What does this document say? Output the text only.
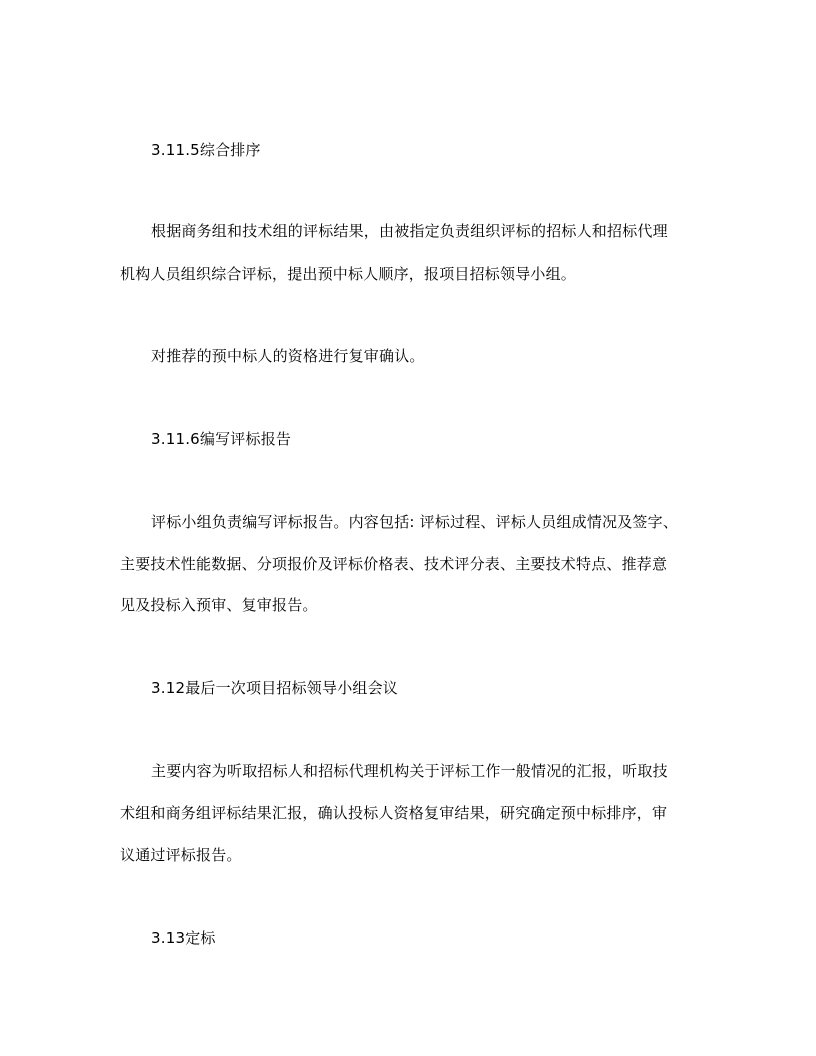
3.11.5综合排序
根据商务组和技术组的评标结果，由被指定负责组织评标的招标人和招标代理
机构人员组织综合评标，提出预中标人顺序，报项目招标领导小组。
对推荐的预中标人的资格进行复审确认。
3.11.6编写评标报告
评标小组负责编写评标报告。内容包括: 评标过程、评标人员组成情况及签字、
主要技术性能数据、分项报价及评标价格表、技术评分表、主要技术特点、推荐意
见及投标入预审、复审报告。
3.12最后一次项目招标领导小组会议
主要内容为听取招标人和招标代理机构关于评标工作一般情况的汇报，听取技
术组和商务组评标结果汇报，确认投标人资格复审结果，研究确定预中标排序，审
议通过评标报告。
3.13定标
